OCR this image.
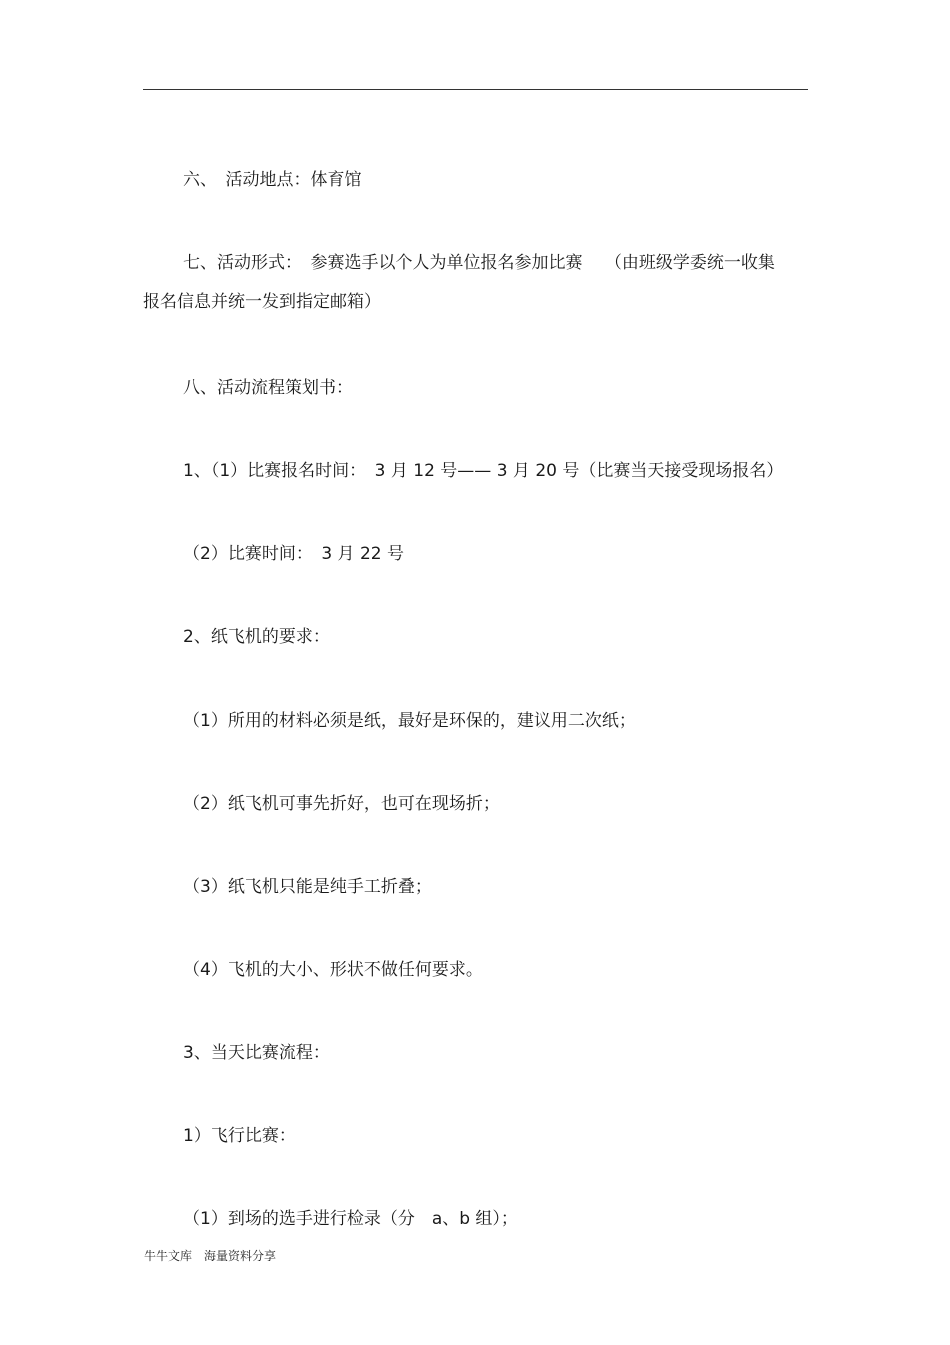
六、　活动地点：体育馆
七、活动形式：　参赛选手以个人为单位报名参加比赛　 （由班级学委统一收集
报名信息并统一发到指定邮箱）
八、活动流程策划书：
1、（1）比赛报名时间：　3 月 12 号—— 3 月 20 号（比赛当天接受现场报名）
（2）比赛时间：　3 月 22 号
2、纸飞机的要求：
（1）所用的材料必须是纸，最好是环保的，建议用二次纸；
（2）纸飞机可事先折好，也可在现场折；
（3）纸飞机只能是纯手工折叠；
（4）飞机的大小、形状不做任何要求。
3、当天比赛流程：
1）飞行比赛：
（1）到场的选手进行检录（分　a、b 组）；
牛牛文库　海量资料分享
